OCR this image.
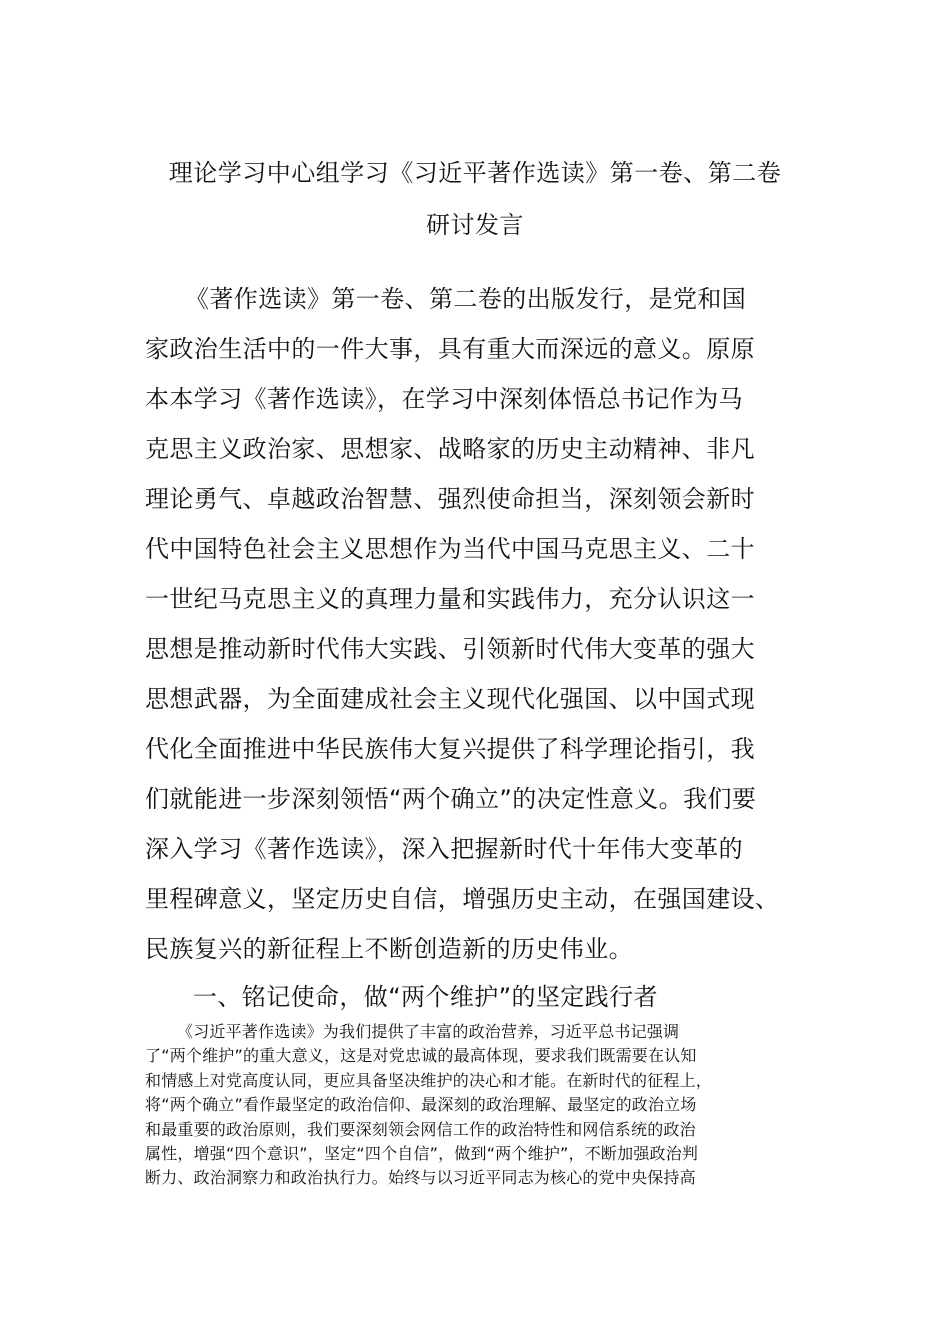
理论学习中心组学习《习近平著作选读》第一卷、第二卷
研讨发言
《著作选读》第一卷、第二卷的出版发行，是党和国
家政治生活中的一件大事，具有重大而深远的意义。原原
本本学习《著作选读》，在学习中深刻体悟总书记作为马
克思主义政治家、思想家、战略家的历史主动精神、非凡
理论勇气、卓越政治智慧、强烈使命担当，深刻领会新时
代中国特色社会主义思想作为当代中国马克思主义、二十
一世纪马克思主义的真理力量和实践伟力，充分认识这一
思想是推动新时代伟大实践、引领新时代伟大变革的强大
思想武器，为全面建成社会主义现代化强国、以中国式现
代化全面推进中华民族伟大复兴提供了科学理论指引，我
们就能进一步深刻领悟“两个确立”的决定性意义。我们要
深入学习《著作选读》，深入把握新时代十年伟大变革的
里程碑意义，坚定历史自信，增强历史主动，在强国建设、
民族复兴的新征程上不断创造新的历史伟业。
一、铭记使命，做“两个维护”的坚定践行者
《习近平著作选读》为我们提供了丰富的政治营养，习近平总书记强调
了“两个维护”的重大意义，这是对党忠诚的最高体现，要求我们既需要在认知
和情感上对党高度认同，更应具备坚决维护的决心和才能。在新时代的征程上，
将“两个确立”看作最坚定的政治信仰、最深刻的政治理解、最坚定的政治立场
和最重要的政治原则，我们要深刻领会网信工作的政治特性和网信系统的政治
属性，增强“四个意识”，坚定“四个自信”，做到“两个维护”，不断加强政治判
断力、政治洞察力和政治执行力。始终与以习近平同志为核心的党中央保持高
